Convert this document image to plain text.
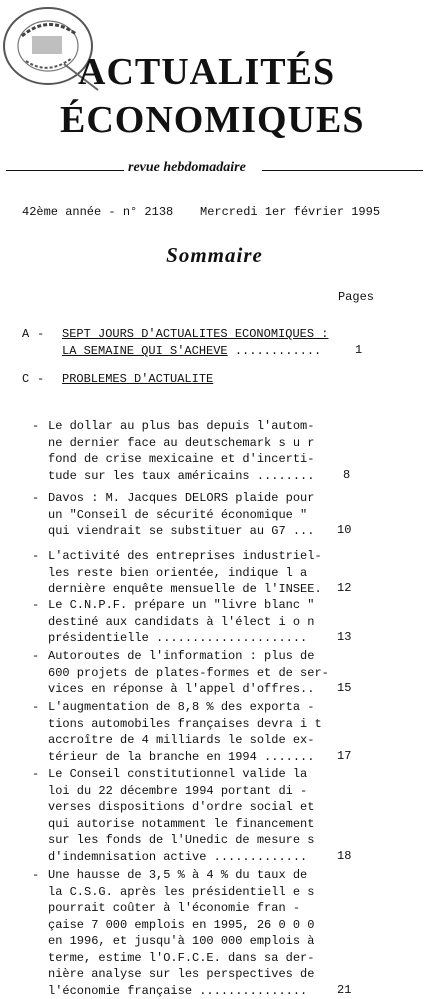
ACTUALITÉS
ÉCONOMIQUES
revue hebdomadaire
42ème année - n° 2138 Mercredi 1er février 1995
Sommaire
Pages
A - SEPT JOURS D'ACTUALITES ECONOMIQUES :
LA SEMAINE QUI S'ACHEVE ............	1
C - PROBLEMES D'ACTUALITE
- Le dollar au plus bas depuis l'autom-
ne dernier face au deutschemark s u r
fond de crise mexicaine et d'incerti-
tude sur les taux américains ........ 8
- Davos : M. Jacques DELORS plaide pour
un "Conseil de sécurité économique "
qui viendrait se substituer au G7 ... 10
- L'activité des entreprises industriel-
les reste bien orientée, indique l a
dernière enquête mensuelle de l'INSEE. 12
- Le C.N.P.F. prépare un "livre blanc "
destiné aux candidats à l'élect i o n
présidentielle ..................... 13
- Autoroutes de l'information : plus de
600 projets de plates-formes et de ser-
vices en réponse à l'appel d'offres.. 15
- L'augmentation de 8,8 % des exporta -
tions automobiles françaises devra i t
accroître de 4 milliards le solde ex-
térieur de la branche en 1994 ....... 17
- Le Conseil constitutionnel valide la
loi du 22 décembre 1994 portant di -
verses dispositions d'ordre social et
qui autorise notamment le financement
sur les fonds de l'Unedic de mesure s
d'indemnisation active ............. 18
- Une hausse de 3,5 % à 4 % du taux de
la C.S.G. après les présidentiell e s
pourrait coûter à l'économie fran -
çaise 7 000 emplois en 1995, 26 0 0 0
en 1996, et jusqu'à 100 000 emplois à
terme, estime l'O.F.C.E. dans sa der-
nière analyse sur les perspectives de
l'économie française ............... 21
